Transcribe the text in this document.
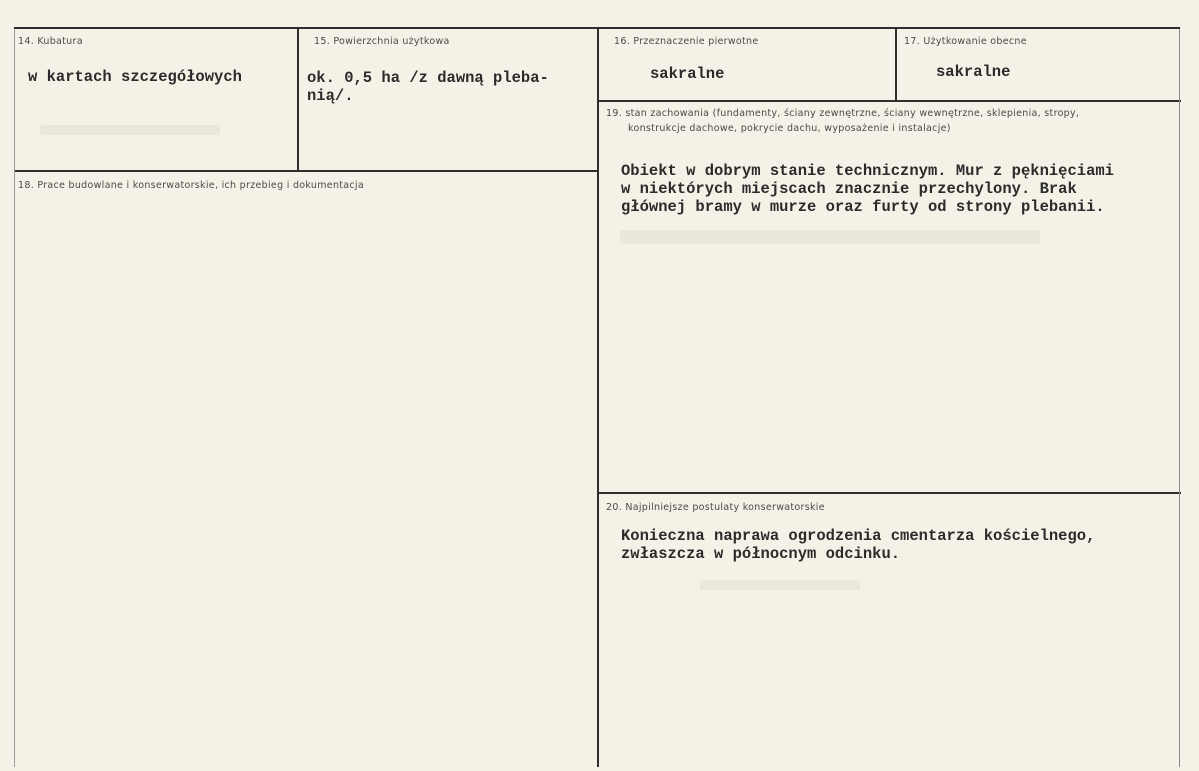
14. Kubatura
w kartach szczegółowych
15. Powierzchnia użytkowa
ok. 0,5 ha /z dawną pleba-
nią/.
16. Przeznaczenie pierwotne
sakralne
17. Użytkowanie obecne
sakralne
18. Prace budowlane i konserwatorskie, ich przebieg i dokumentacja
19. stan zachowania (fundamenty, ściany zewnętrzne, ściany wewnętrzne, sklepienia, stropy,
konstrukcje dachowe, pokrycie dachu, wyposażenie i instalacje)
Obiekt w dobrym stanie technicznym. Mur z pęknięciami
w niektórych miejscach znacznie przechylony. Brak
głównej bramy w murze oraz furty od strony plebanii.
20. Najpilniejsze postulaty konserwatorskie
Konieczna naprawa ogrodzenia cmentarza kościelnego,
zwłaszcza w północnym odcinku.
